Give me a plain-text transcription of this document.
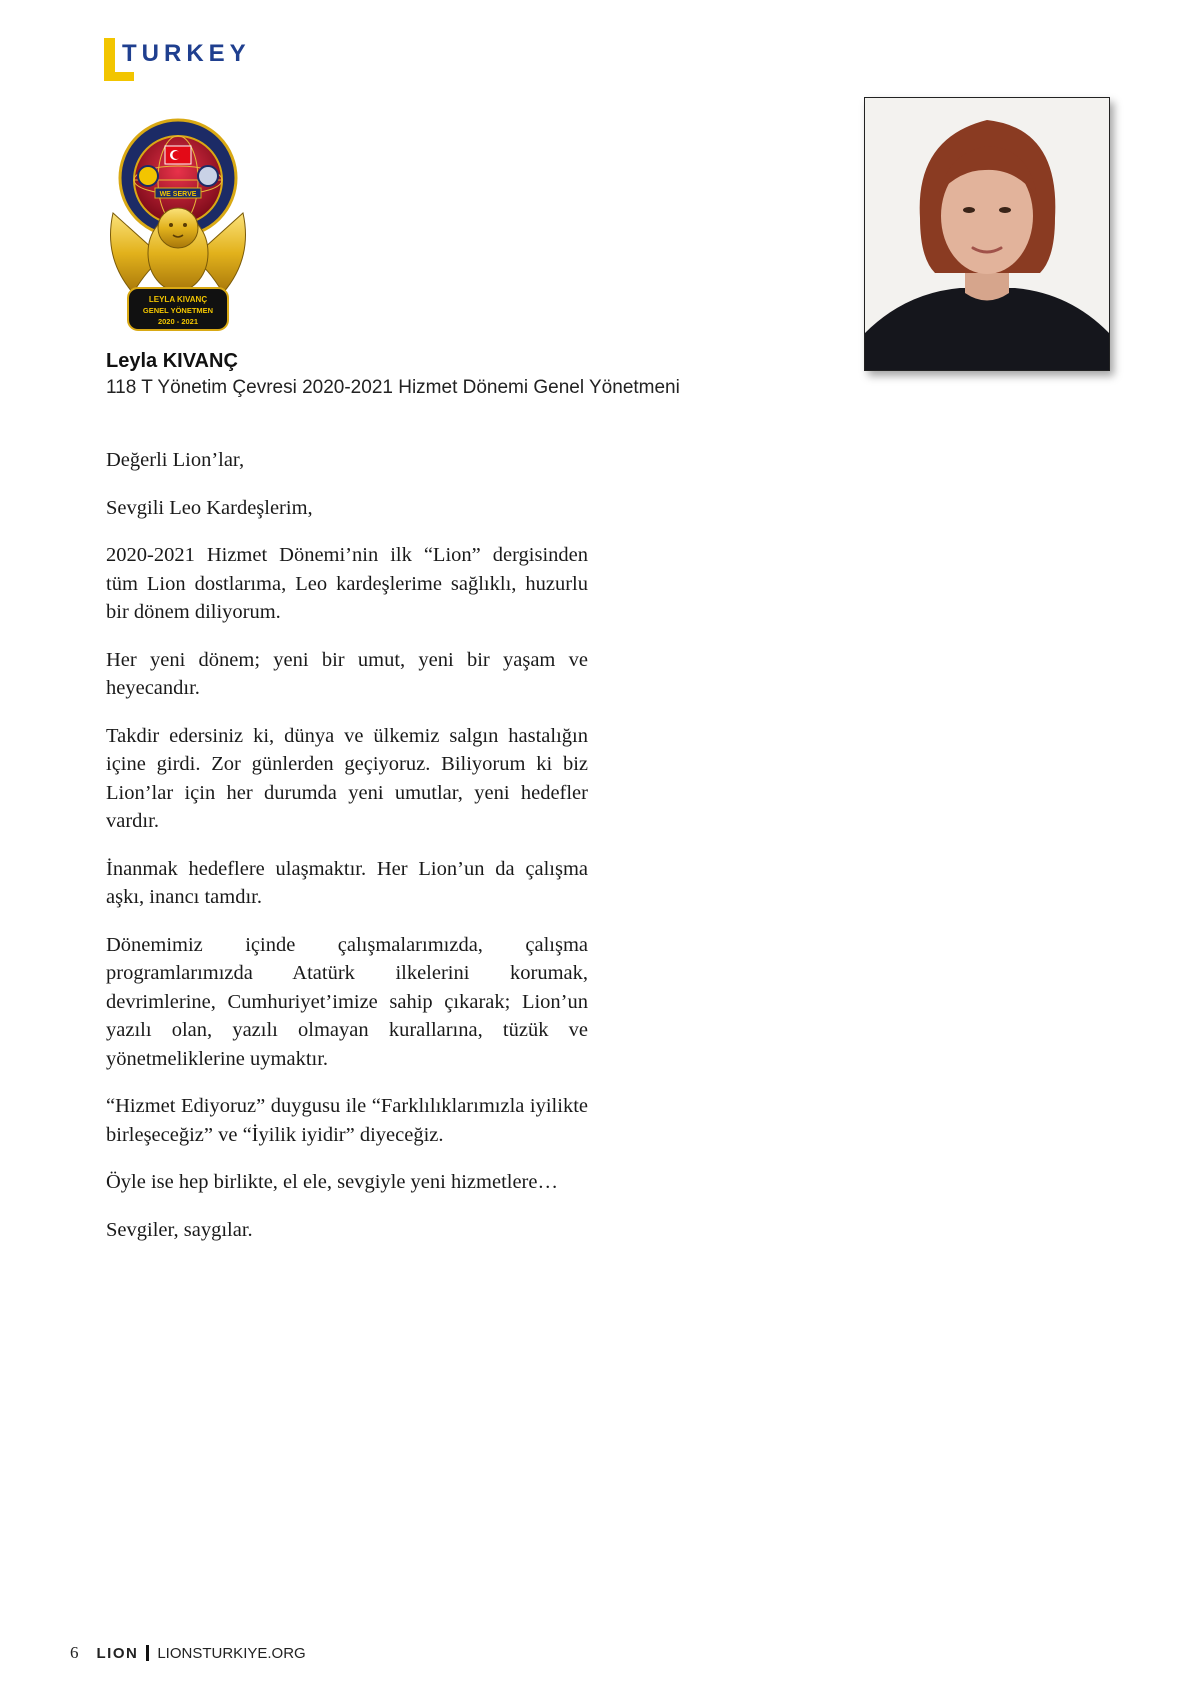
TURKEY
WE SERVE
LEYLA KIVANÇ
GENEL YÖNETMEN
2020 - 2021
Leyla KIVANÇ
118 T Yönetim Çevresi 2020-2021 Hizmet Dönemi Genel Yönetmeni

Değerli Lion’lar,

Sevgili Leo Kardeşlerim,

2020-2021 Hizmet Dönemi’nin ilk “Lion” dergisinden tüm Lion dostlarıma, Leo kardeşlerime sağlıklı, huzurlu bir dönem diliyorum.

Her yeni dönem; yeni bir umut, yeni bir yaşam ve heyecandır.

Takdir edersiniz ki, dünya ve ülkemiz salgın hastalığın içine girdi. Zor günlerden geçiyoruz. Biliyorum ki biz Lion’lar için her durumda yeni umutlar, yeni hedefler vardır.

İnanmak hedeflere ulaşmaktır. Her Lion’un da çalışma aşkı, inancı tamdır.

Dönemimiz içinde çalışmalarımızda, çalışma programlarımızda Atatürk ilkelerini korumak, devrimlerine, Cumhuriyet’imize sahip çıkarak; Lion’un yazılı olan, yazılı olmayan kurallarına, tüzük ve yönetmeliklerine uymaktır.

“Hizmet Ediyoruz” duygusu ile “Farklılıklarımızla iyilikte birleşeceğiz” ve “İyilik iyidir” diyeceğiz.

Öyle ise hep birlikte, el ele, sevgiyle yeni hizmetlere…

Sevgiler, saygılar.

6 LION LIONSTURKIYE.ORG
